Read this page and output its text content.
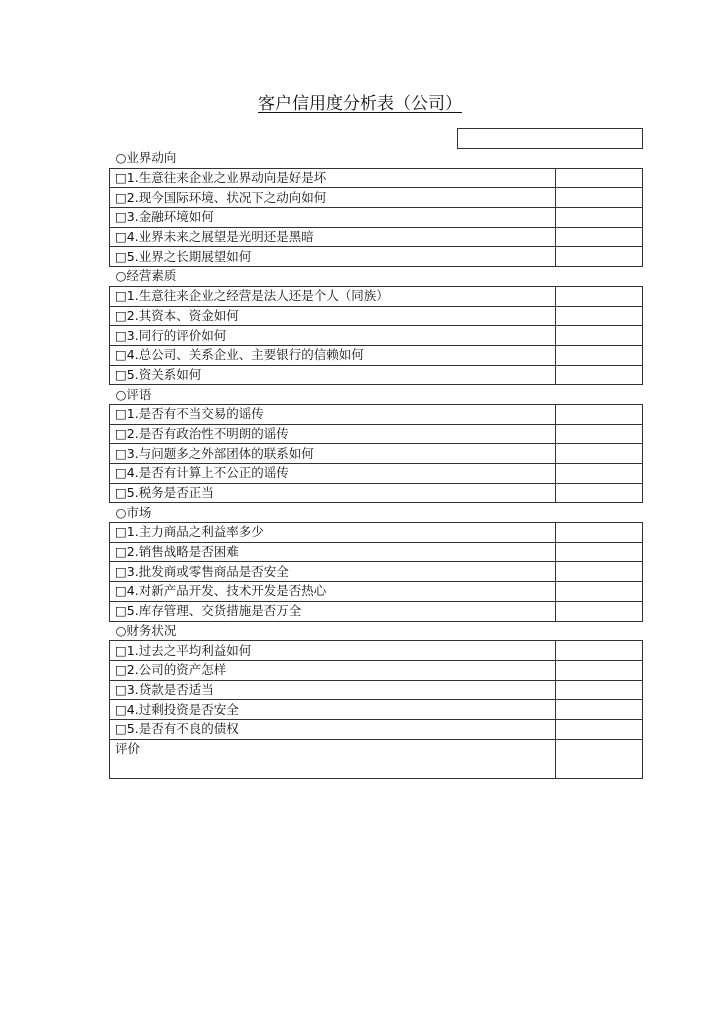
客户信用度分析表（公司）
○业界动向	
□1.生意往来企业之业界动向是好是坏	
□2.现今国际环境、状况下之动向如何	
□3.金融环境如何	
□4.业界未来之展望是光明还是黑暗	
□5.业界之长期展望如何	
○经营素质	
□1.生意往来企业之经营是法人还是个人（同族）	
□2.其资本、资金如何	
□3.同行的评价如何	
□4.总公司、关系企业、主要银行的信赖如何	
□5.资关系如何	
○评语	
□1.是否有不当交易的谣传	
□2.是否有政治性不明朗的谣传	
□3.与问题多之外部团体的联系如何	
□4.是否有计算上不公正的谣传	
□5.税务是否正当	
○市场	
□1.主力商品之利益率多少	
□2.销售战略是否困难	
□3.批发商或零售商品是否安全	
□4.对新产品开发、技术开发是否热心	
□5.库存管理、交货措施是否万全	
○财务状况	
□1.过去之平均利益如何	
□2.公司的资产怎样	
□3.贷款是否适当	
□4.过剩投资是否安全	
□5.是否有不良的债权	
评价	
